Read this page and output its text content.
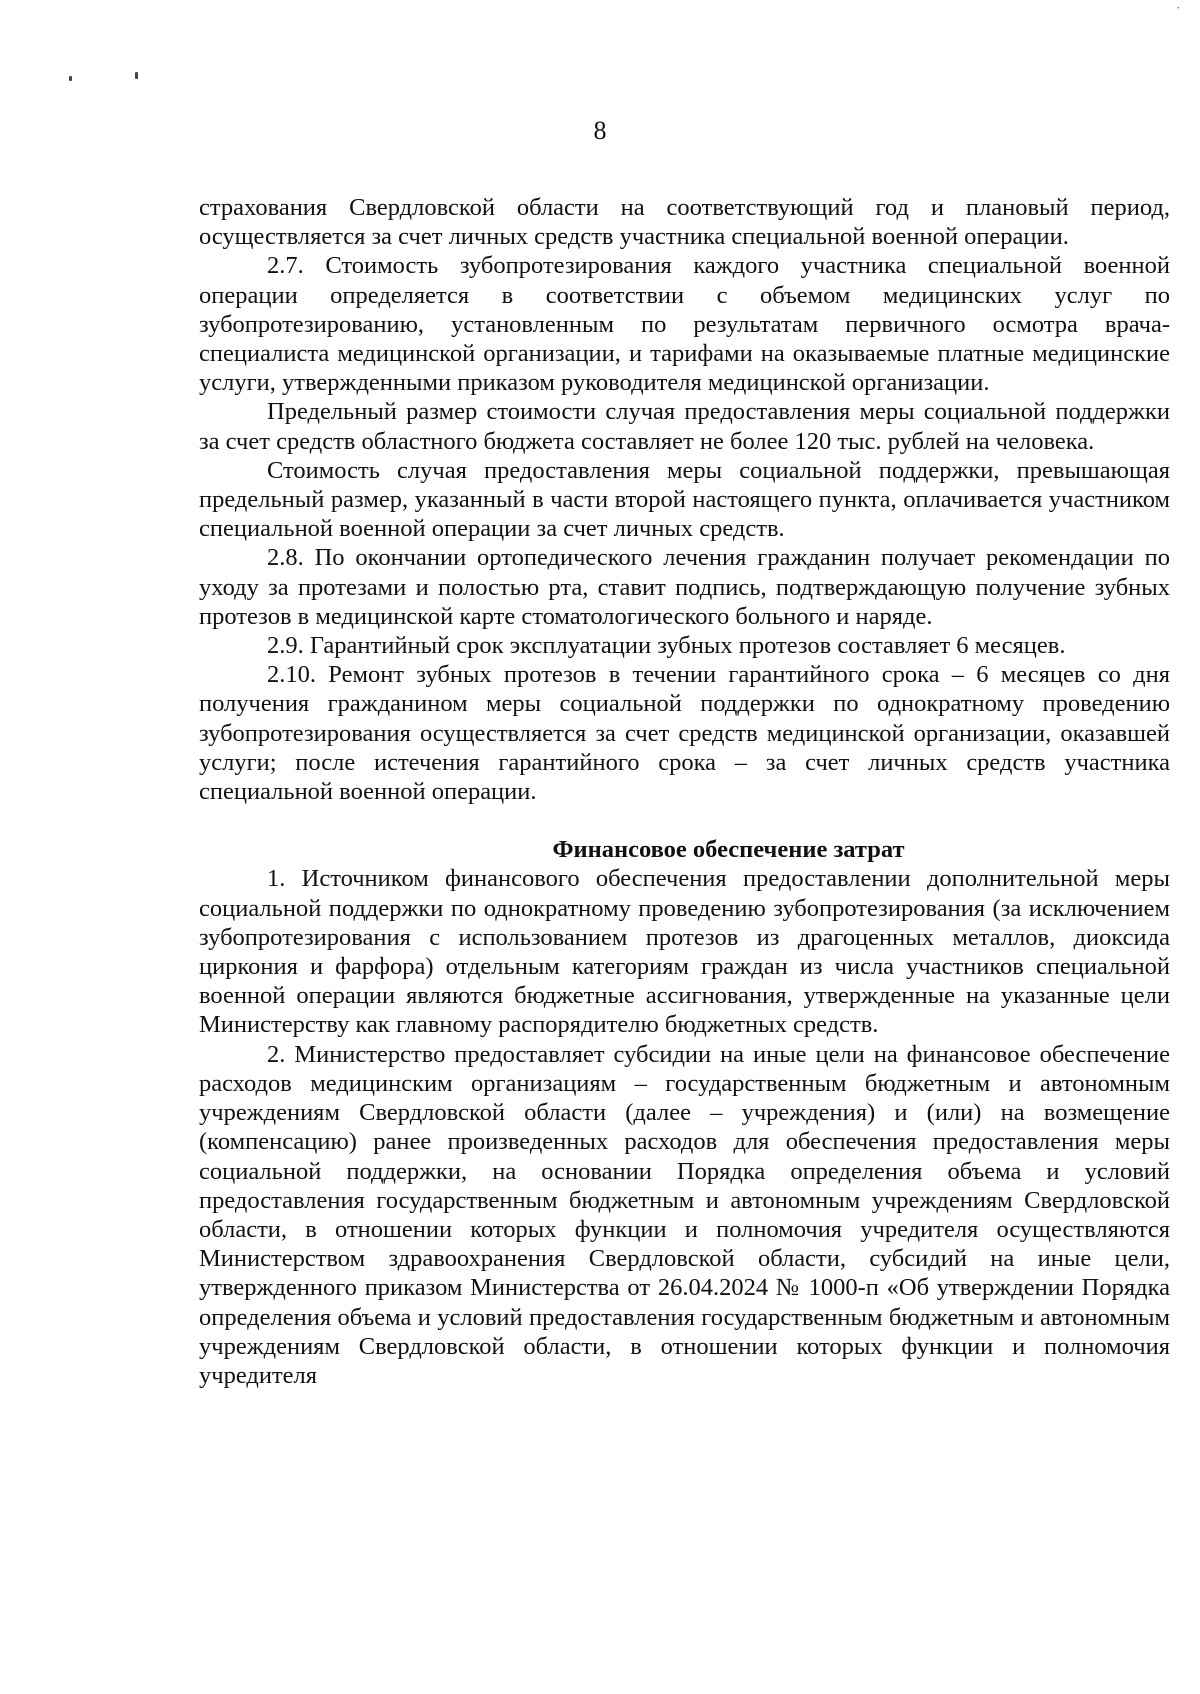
˙
8

страхования Свердловской области на соответствующий год и плановый период, осуществляется за счет личных средств участника специальной военной операции.

2.7. Стоимость зубопротезирования каждого участника специальной военной операции определяется в соответствии с объемом медицинских услуг по зубопротезированию, установленным по результатам первичного осмотра врача-специалиста медицинской организации, и тарифами на оказываемые платные медицинские услуги, утвержденными приказом руководителя медицинской организации.

Предельный размер стоимости случая предоставления меры социальной поддержки за счет средств областного бюджета составляет не более 120 тыс. рублей на человека.

Стоимость случая предоставления меры социальной поддержки, превышающая предельный размер, указанный в части второй настоящего пункта, оплачивается участником специальной военной операции за счет личных средств.

2.8. По окончании ортопедического лечения гражданин получает рекомендации по уходу за протезами и полостью рта, ставит подпись, подтверждающую получение зубных протезов в медицинской карте стоматологического больного и наряде.

2.9. Гарантийный срок эксплуатации зубных протезов составляет 6 месяцев.

2.10. Ремонт зубных протезов в течении гарантийного срока – 6 месяцев со дня получения гражданином меры социальной поддержки по однократному проведению зубопротезирования осуществляется за счет средств медицинской организации, оказавшей услуги; после истечения гарантийного срока – за счет личных средств участника специальной военной операции.

Финансовое обеспечение затрат

1. Источником финансового обеспечения предоставлении дополнительной меры социальной поддержки по однократному проведению зубопротезирования (за исключением зубопротезирования с использованием протезов из драгоценных металлов, диоксида циркония и фарфора) отдельным категориям граждан из числа участников специальной военной операции являются бюджетные ассигнования, утвержденные на указанные цели Министерству как главному распорядителю бюджетных средств.

2. Министерство предоставляет субсидии на иные цели на финансовое обеспечение расходов медицинским организациям – государственным бюджетным и автономным учреждениям Свердловской области (далее – учреждения) и (или) на возмещение (компенсацию) ранее произведенных расходов для обеспечения предоставления меры социальной поддержки, на основании Порядка определения объема и условий предоставления государственным бюджетным и автономным учреждениям Свердловской области, в отношении которых функции и полномочия учредителя осуществляются Министерством здравоохранения Свердловской области, субсидий на иные цели, утвержденного приказом Министерства от 26.04.2024 № 1000-п «Об утверждении Порядка определения объема и условий предоставления государственным бюджетным и автономным учреждениям Свердловской области, в отношении которых функции и полномочия учредителя
